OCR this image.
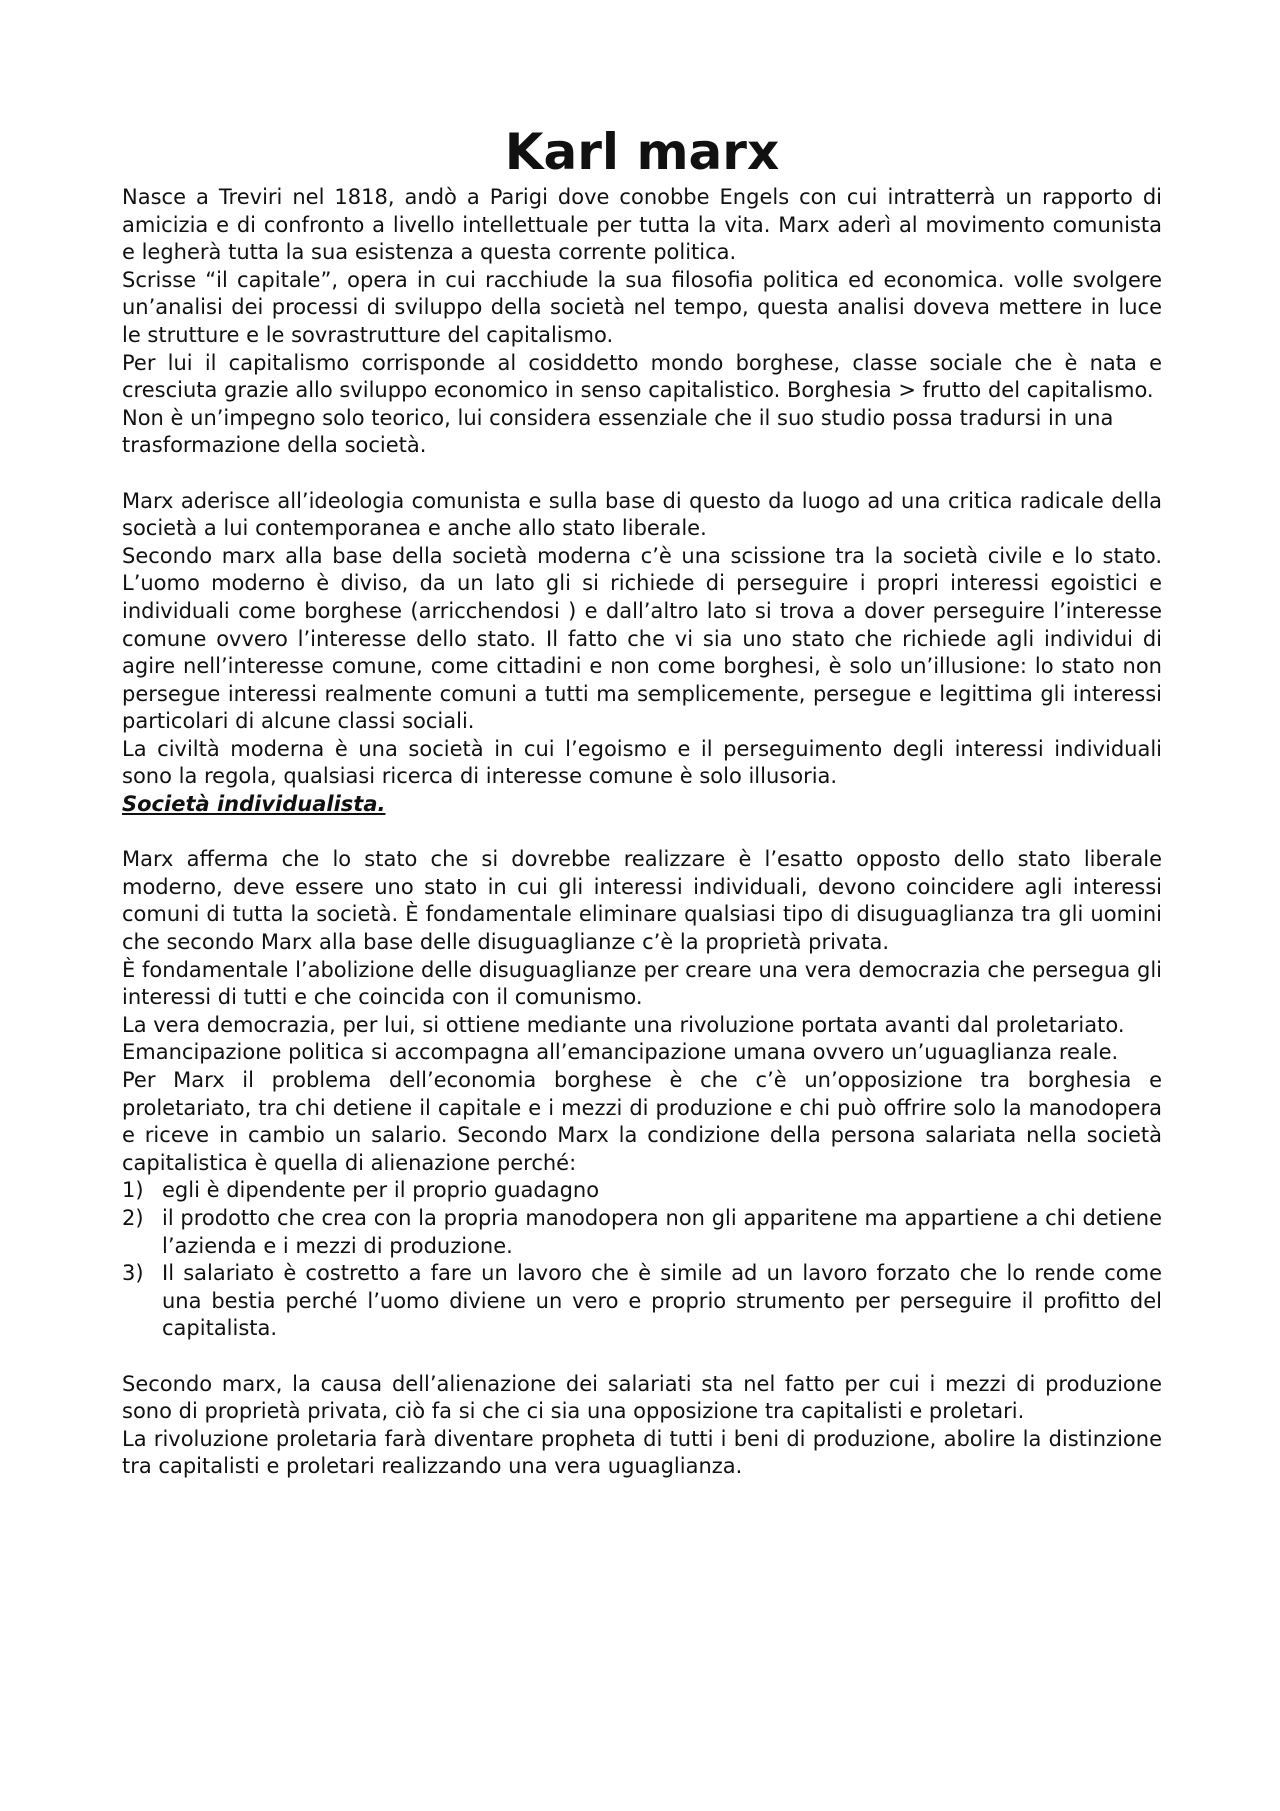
Karl marx

Nasce a Treviri nel 1818, andò a Parigi dove conobbe Engels con cui intratterrà un rapporto di amicizia e di confronto a livello intellettuale per tutta la vita. Marx aderì al movimento comunista e legherà tutta la sua esistenza a questa corrente politica.

Scrisse “il capitale”, opera in cui racchiude la sua filosofia politica ed economica. volle svolgere un’analisi dei processi di sviluppo della società nel tempo, questa analisi doveva mettere in luce le strutture e le sovrastrutture del capitalismo.

Per lui il capitalismo corrisponde al cosiddetto mondo borghese, classe sociale che è nata e cresciuta grazie allo sviluppo economico in senso capitalistico. Borghesia > frutto del capitalismo.

Non è un’impegno solo teorico, lui considera essenziale che il suo studio possa tradursi in una trasformazione della società.

Marx aderisce all’ideologia comunista e sulla base di questo da luogo ad una critica radicale della società a lui contemporanea e anche allo stato liberale.

Secondo marx alla base della società moderna c’è una scissione tra la società civile e lo stato. L’uomo moderno è diviso, da un lato gli si richiede di perseguire i propri interessi egoistici e individuali come borghese (arricchendosi ) e dall’altro lato si trova a dover perseguire l’interesse comune ovvero l’interesse dello stato. Il fatto che vi sia uno stato che richiede agli individui di agire nell’interesse comune, come cittadini e non come borghesi, è solo un’illusione: lo stato non persegue interessi realmente comuni a tutti ma semplicemente, persegue e legittima gli interessi particolari di alcune classi sociali.

La civiltà moderna è una società in cui l’egoismo e il perseguimento degli interessi individuali sono la regola, qualsiasi ricerca di interesse comune è solo illusoria.

Società individualista.

Marx afferma che lo stato che si dovrebbe realizzare è l’esatto opposto dello stato liberale moderno, deve essere uno stato in cui gli interessi individuali, devono coincidere agli interessi comuni di tutta la società. È fondamentale eliminare qualsiasi tipo di disuguaglianza tra gli uomini che secondo Marx alla base delle disuguaglianze c’è la proprietà privata.

È fondamentale l’abolizione delle disuguaglianze per creare una vera democrazia che persegua gli interessi di tutti e che coincida con il comunismo.

La vera democrazia, per lui, si ottiene mediante una rivoluzione portata avanti dal proletariato.

Emancipazione politica si accompagna all’emancipazione umana ovvero un’uguaglianza reale.

Per Marx il problema dell’economia borghese è che c’è un’opposizione tra borghesia e proletariato, tra chi detiene il capitale e i mezzi di produzione e chi può offrire solo la manodopera e riceve in cambio un salario. Secondo Marx la condizione della persona salariata nella società capitalistica è quella di alienazione perché:

1) egli è dipendente per il proprio guadagno
2) il prodotto che crea con la propria manodopera non gli apparitene ma appartiene a chi detiene l’azienda e i mezzi di produzione.
3) Il salariato è costretto a fare un lavoro che è simile ad un lavoro forzato che lo rende come una bestia perché l’uomo diviene un vero e proprio strumento per perseguire il profitto del capitalista.

Secondo marx, la causa dell’alienazione dei salariati sta nel fatto per cui i mezzi di produzione sono di proprietà privata, ciò fa si che ci sia una opposizione tra capitalisti e proletari.

La rivoluzione proletaria farà diventare propheta di tutti i beni di produzione, abolire la distinzione tra capitalisti e proletari realizzando una vera uguaglianza.
